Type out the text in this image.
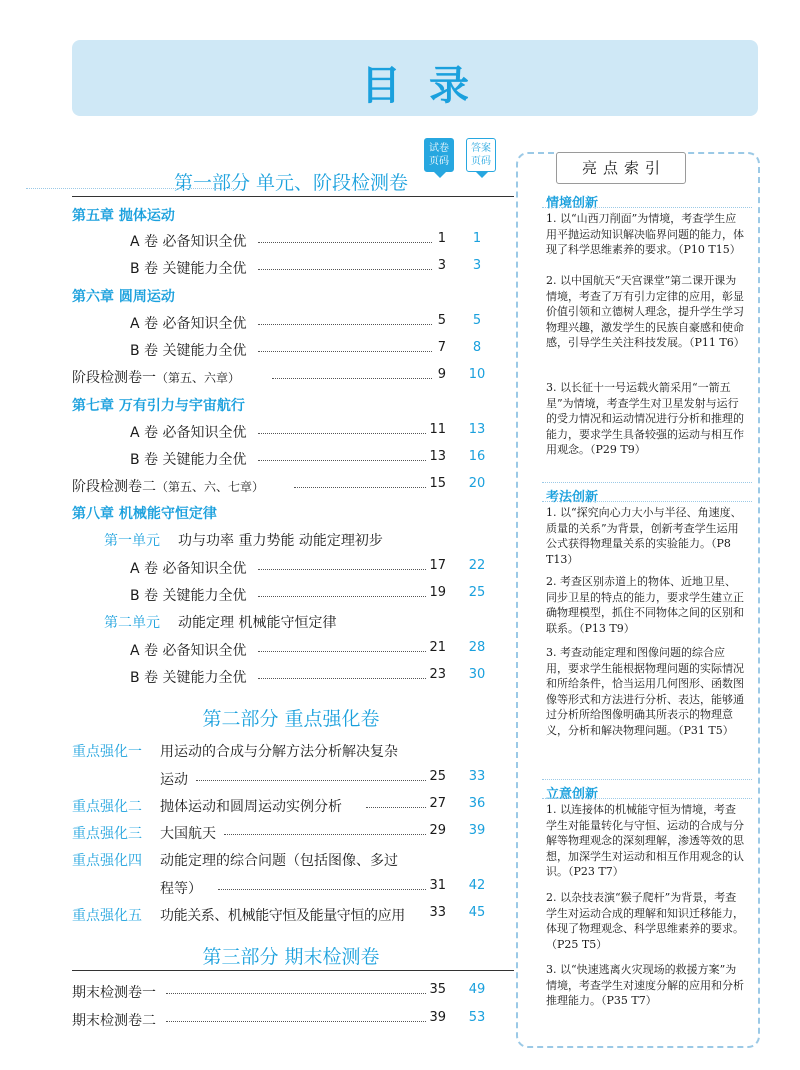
目录
试卷页码
答案页码
第一部分 单元、阶段检测卷
第五章 抛体运动
A 卷 必备知识全优	1	1
B 卷 关键能力全优	3	3
第六章 圆周运动
A 卷 必备知识全优	5	5
B 卷 关键能力全优	7	8
阶段检测卷一（第五、六章）	9	10
第七章 万有引力与宇宙航行
A 卷 必备知识全优	11	13
B 卷 关键能力全优	13	16
阶段检测卷二（第五、六、七章）	15	20
第八章 机械能守恒定律
第一单元 功与功率 重力势能 动能定理初步
A 卷 必备知识全优	17	22
B 卷 关键能力全优	19	25
第二单元 动能定理 机械能守恒定律
A 卷 必备知识全优	21	28
B 卷 关键能力全优	23	30
第二部分 重点强化卷
重点强化一 用运动的合成与分解方法分析解决复杂
运动	25	33
重点强化二 抛体运动和圆周运动实例分析	27	36
重点强化三 大国航天	29	39
重点强化四 动能定理的综合问题（包括图像、多过
程等）	31	42
重点强化五 功能关系、机械能守恒及能量守恒的应用 33	45
第三部分 期末检测卷
期末检测卷一	35	49
期末检测卷二	39	53
亮点索引
情境创新
1. 以“山西刀削面”为情境，考查学生应用平抛运动知识解决临界问题的能力，体现了科学思维素养的要求。（P10 T15）
2. 以中国航天“天宫课堂”第二课开课为情境，考查了万有引力定律的应用，彰显价值引领和立德树人理念，提升学生学习物理兴趣，激发学生的民族自豪感和使命感，引导学生关注科技发展。（P11 T6）
3. 以长征十一号运载火箭采用“一箭五星”为情境，考查学生对卫星发射与运行的受力情况和运动情况进行分析和推理的能力，要求学生具备较强的运动与相互作用观念。（P29 T9）
考法创新
1. 以“探究向心力大小与半径、角速度、质量的关系”为背景，创新考查学生运用公式获得物理量关系的实验能力。（P8 T13）
2. 考查区别赤道上的物体、近地卫星、同步卫星的特点的能力，要求学生建立正确物理模型，抓住不同物体之间的区别和联系。（P13 T9）
3. 考查动能定理和图像问题的综合应用，要求学生能根据物理问题的实际情况和所给条件，恰当运用几何图形、函数图像等形式和方法进行分析、表达，能够通过分析所给图像明确其所表示的物理意义，分析和解决物理问题。（P31 T5）
立意创新
1. 以连接体的机械能守恒为情境，考查学生对能量转化与守恒、运动的合成与分解等物理观念的深刻理解，渗透等效的思想，加深学生对运动和相互作用观念的认识。（P23 T7）
2. 以杂技表演“猴子爬杆”为背景，考查学生对运动合成的理解和知识迁移能力，体现了物理观念、科学思维素养的要求。（P25 T5）
3. 以“快速逃离火灾现场的救援方案”为情境，考查学生对速度分解的应用和分析推理能力。（P35 T7）
